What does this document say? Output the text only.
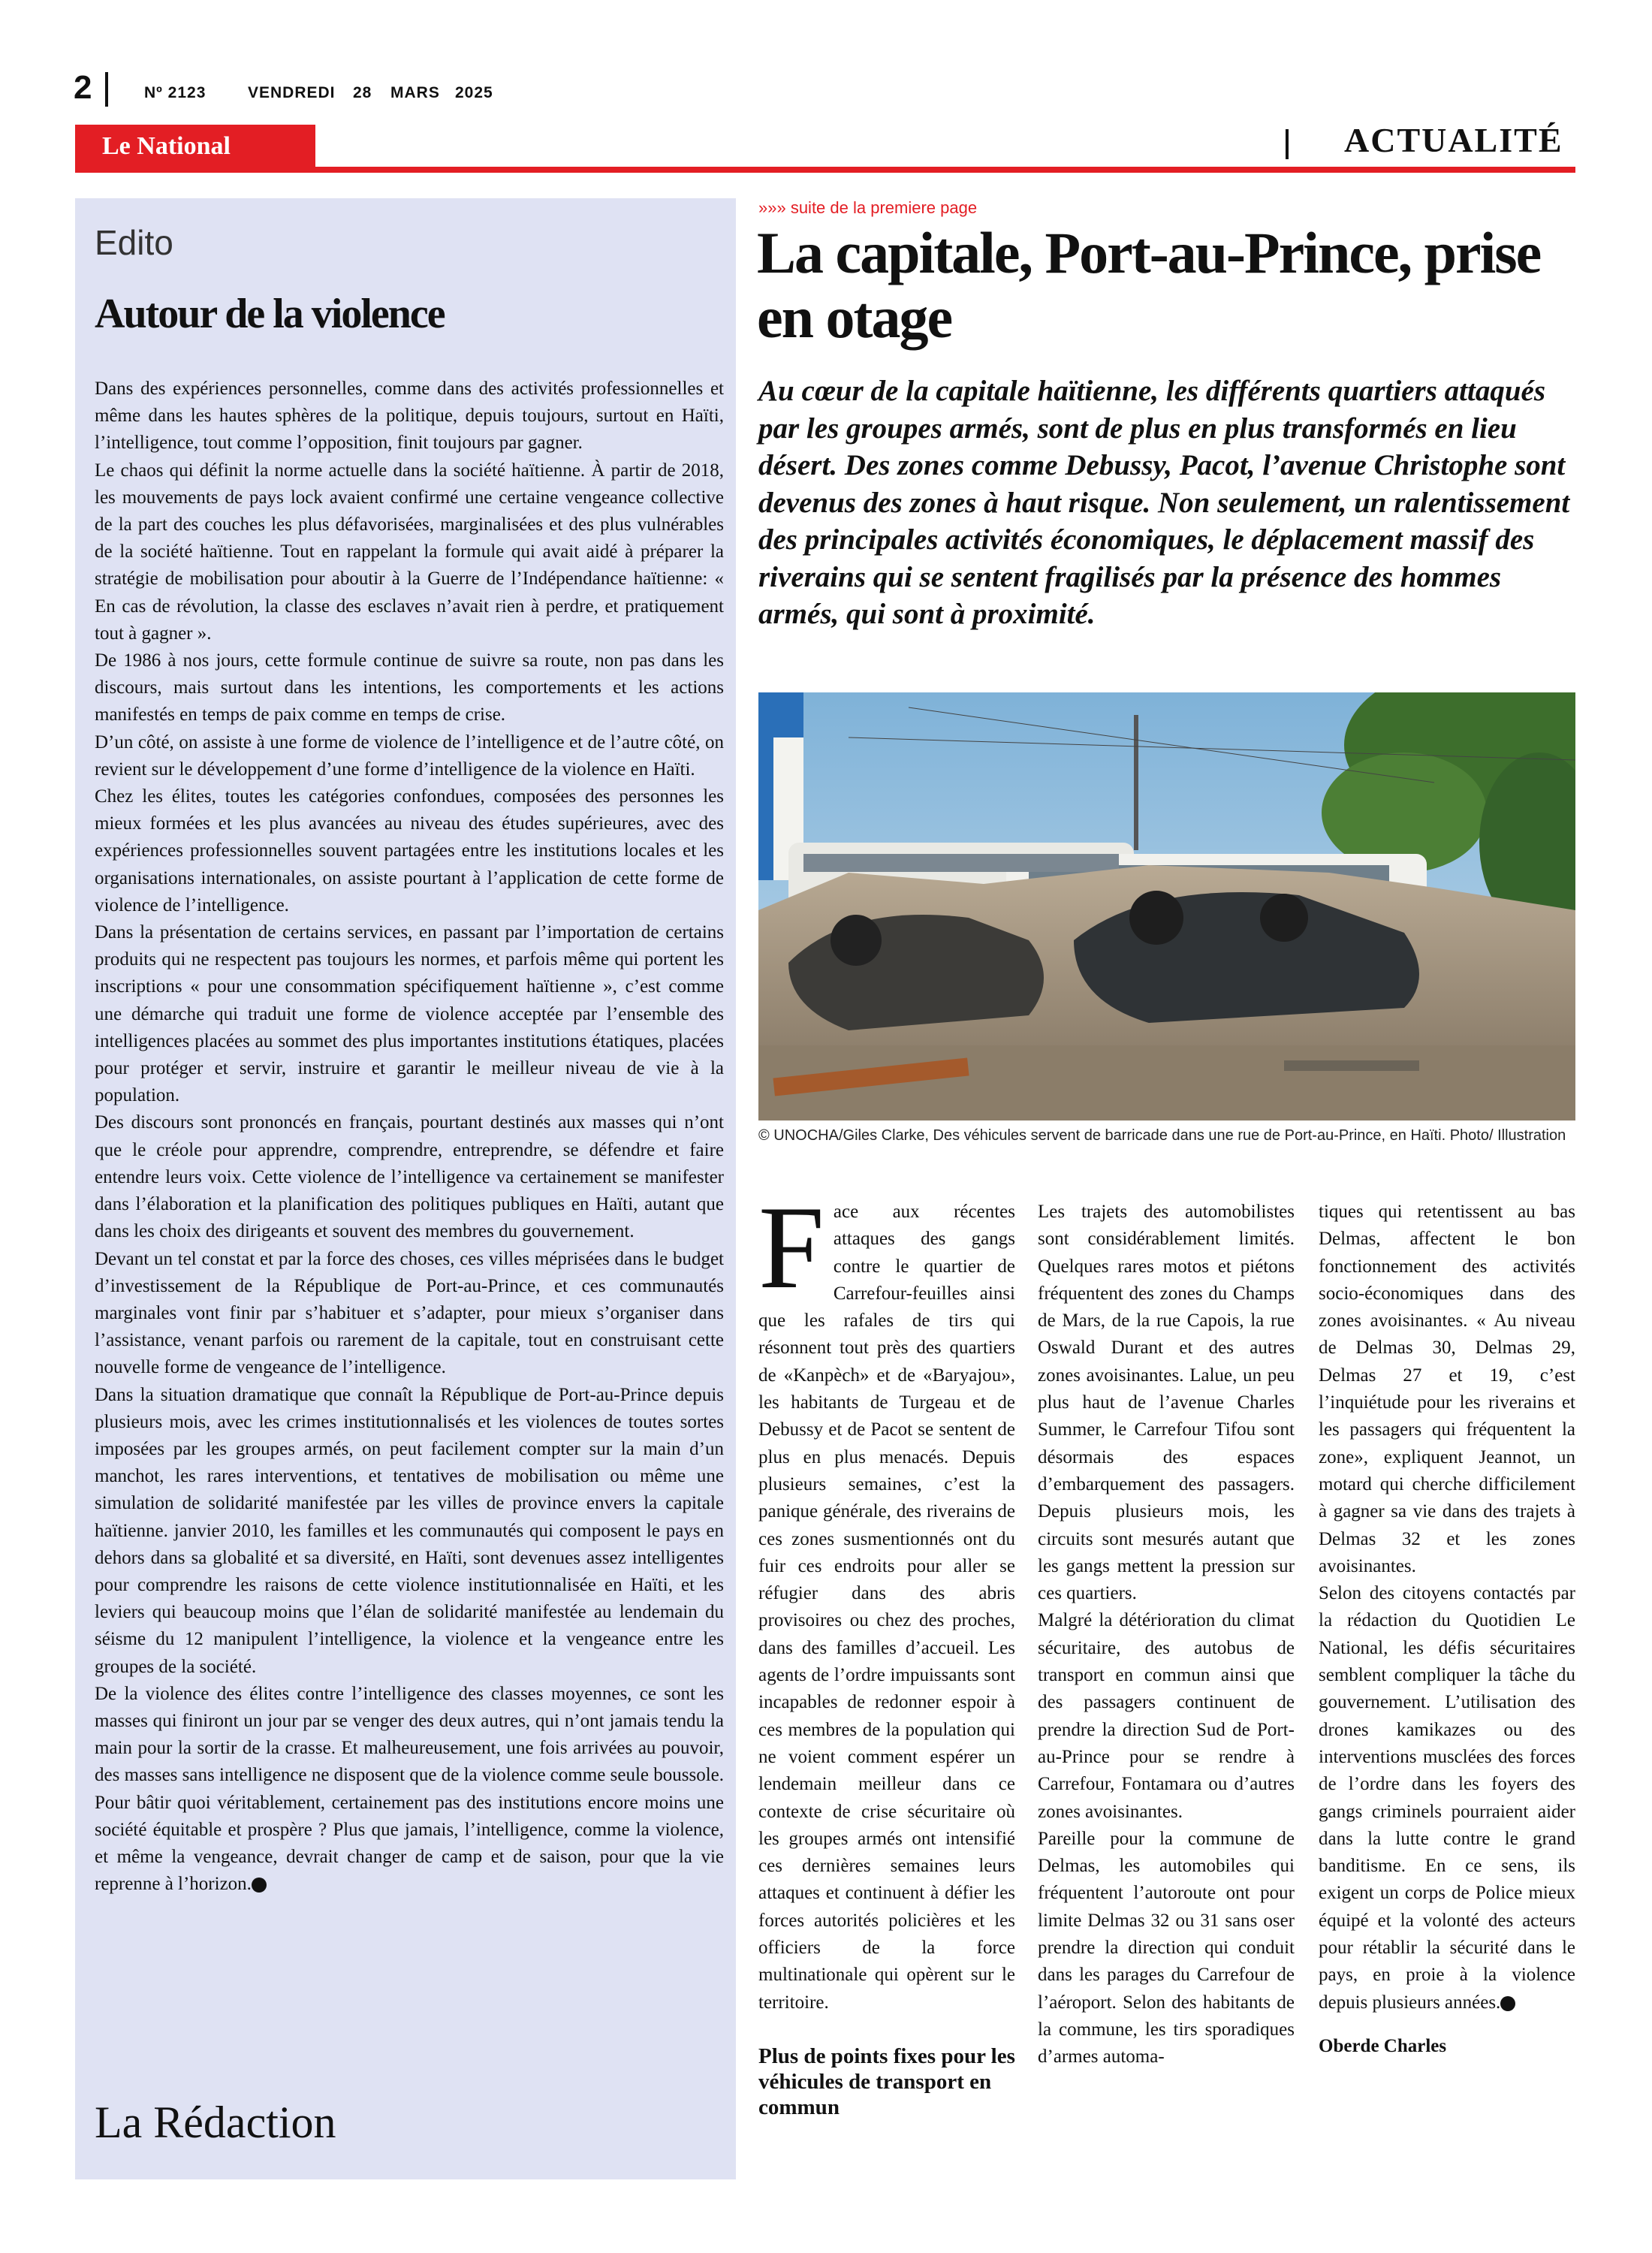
2	Nº 2123	VENDREDI 28 MARS 2025
Le National	ACTUALITÉ
Edito
Autour de la violence

Dans des expériences personnelles, comme dans des activités professionnelles et même dans les hautes sphères de la politique, depuis toujours, surtout en Haïti, l’intelligence, tout comme l’opposition, finit toujours par gagner.

Le chaos qui définit la norme actuelle dans la société haïtienne. À partir de 2018, les mouvements de pays lock avaient confirmé une certaine vengeance collective de la part des couches les plus défavorisées, marginalisées et des plus vulnérables de la société haïtienne. Tout en rappelant la formule qui avait aidé à préparer la stratégie de mobilisation pour aboutir à la Guerre de l’Indépendance haïtienne: « En cas de révolution, la classe des esclaves n’avait rien à perdre, et pratiquement tout à gagner ».

De 1986 à nos jours, cette formule continue de suivre sa route, non pas dans les discours, mais surtout dans les intentions, les comportements et les actions manifestés en temps de paix comme en temps de crise.

D’un côté, on assiste à une forme de violence de l’intelligence et de l’autre côté, on revient sur le développement d’une forme d’intelligence de la violence en Haïti.

Chez les élites, toutes les catégories confondues, composées des personnes les mieux formées et les plus avancées au niveau des études supérieures, avec des expériences professionnelles souvent partagées entre les institutions locales et les organisations internationales, on assiste pourtant à l’application de cette forme de violence de l’intelligence.

Dans la présentation de certains services, en passant par l’importation de certains produits qui ne respectent pas toujours les normes, et parfois même qui portent les inscriptions « pour une consommation spécifiquement haïtienne », c’est comme une démarche qui traduit une forme de violence acceptée par l’ensemble des intelligences placées au sommet des plus importantes institutions étatiques, placées pour protéger et servir, instruire et garantir le meilleur niveau de vie à la population.

Des discours sont prononcés en français, pourtant destinés aux masses qui n’ont que le créole pour apprendre, comprendre, entreprendre, se défendre et faire entendre leurs voix. Cette violence de l’intelligence va certainement se manifester dans l’élaboration et la planification des politiques publiques en Haïti, autant que dans les choix des dirigeants et souvent des membres du gouvernement.

Devant un tel constat et par la force des choses, ces villes méprisées dans le budget d’investissement de la République de Port-au-Prince, et ces communautés marginales vont finir par s’habituer et s’adapter, pour mieux s’organiser dans l’assistance, venant parfois ou rarement de la capitale, tout en construisant cette nouvelle forme de vengeance de l’intelligence.

Dans la situation dramatique que connaît la République de Port-au-Prince depuis plusieurs mois, avec les crimes institutionnalisés et les violences de toutes sortes imposées par les groupes armés, on peut facilement compter sur la main d’un manchot, les rares interventions, et tentatives de mobilisation ou même une simulation de solidarité manifestée par les villes de province envers la capitale haïtienne. janvier 2010, les familles et les communautés qui composent le pays en dehors dans sa globalité et sa diversité, en Haïti, sont devenues assez intelligentes pour comprendre les raisons de cette violence institutionnalisée en Haïti, et les leviers qui beaucoup moins que l’élan de solidarité manifestée au lendemain du séisme du 12 manipulent l’intelligence, la violence et la vengeance entre les groupes de la société.

De la violence des élites contre l’intelligence des classes moyennes, ce sont les masses qui finiront un jour par se venger des deux autres, qui n’ont jamais tendu la main pour la sortir de la crasse. Et malheureusement, une fois arrivées au pouvoir, des masses sans intelligence ne disposent que de la violence comme seule boussole. Pour bâtir quoi véritablement, certainement pas des institutions encore moins une société équitable et prospère ? Plus que jamais, l’intelligence, comme la violence, et même la vengeance, devrait changer de camp et de saison, pour que la vie reprenne à l’horizon.

La Rédaction
»»» suite de la premiere page
La capitale, Port-au-Prince, prise en otage
Au cœur de la capitale haïtienne, les différents quartiers attaqués par les groupes armés, sont de plus en plus transformés en lieu désert. Des zones comme Debussy, Pacot, l’avenue Christophe sont devenus des zones à haut risque. Non seulement, un ralentissement des principales activités économiques, le déplacement massif des riverains qui se sentent fragilisés par la présence des hommes armés, qui sont à proximité.
© UNOCHA/Giles Clarke, Des véhicules servent de barricade dans une rue de Port-au-Prince, en Haïti. Photo/ Illustration

Face aux récentes attaques des gangs contre le quartier de Carrefour-feuilles ainsi que les rafales de tirs qui résonnent tout près des quartiers de «Kanpèch» et de «Baryajou», les habitants de Turgeau et de Debussy et de Pacot se sentent de plus en plus menacés. Depuis plusieurs semaines, c’est la panique générale, des riverains de ces zones susmentionnés ont du fuir ces endroits pour aller se réfugier dans des abris provisoires ou chez des proches, dans des familles d’accueil. Les agents de l’ordre impuissants sont incapables de redonner espoir à ces membres de la population qui ne voient comment espérer un lendemain meilleur dans ce contexte de crise sécuritaire où les groupes armés ont intensifié ces dernières semaines leurs attaques et continuent à défier les forces autorités policières et les officiers de la force multinationale qui opèrent sur le territoire.

Plus de points fixes pour les véhicules de transport en commun

Les trajets des automobilistes sont considérablement limités. Quelques rares motos et piétons fréquentent des zones du Champs de Mars, de la rue Capois, la rue Oswald Durant et des autres zones avoisinantes. Lalue, un peu plus haut de l’avenue Charles Summer, le Carrefour Tifou sont désormais des espaces d’embarquement des passagers. Depuis plusieurs mois, les circuits sont mesurés autant que les gangs mettent la pression sur ces quartiers.

Malgré la détérioration du climat sécuritaire, des autobus de transport en commun ainsi que des passagers continuent de prendre la direction Sud de Port-au-Prince pour se rendre à Carrefour, Fontamara ou d’autres zones avoisinantes.

Pareille pour la commune de Delmas, les automobiles qui fréquentent l’autoroute ont pour limite Delmas 32 ou 31 sans oser prendre la direction qui conduit dans les parages du Carrefour de l’aéroport. Selon des habitants de la commune, les tirs sporadiques d’armes automa-

tiques qui retentissent au bas Delmas, affectent le bon fonctionnement des activités socio-économiques dans des zones avoisinantes. « Au niveau de Delmas 30, Delmas 29, Delmas 27 et 19, c’est l’inquiétude pour les riverains et les passagers qui fréquentent la zone», expliquent Jeannot, un motard qui cherche difficilement à gagner sa vie dans des trajets à Delmas 32 et les zones avoisinantes.

Selon des citoyens contactés par la rédaction du Quotidien Le National, les défis sécuritaires semblent compliquer la tâche du gouvernement. L’utilisation des drones kamikazes ou des interventions musclées des forces de l’ordre dans les foyers des gangs criminels pourraient aider dans la lutte contre le grand banditisme. En ce sens, ils exigent un corps de Police mieux équipé et la volonté des acteurs pour rétablir la sécurité dans le pays, en proie à la violence depuis plusieurs années.

Oberde Charles
